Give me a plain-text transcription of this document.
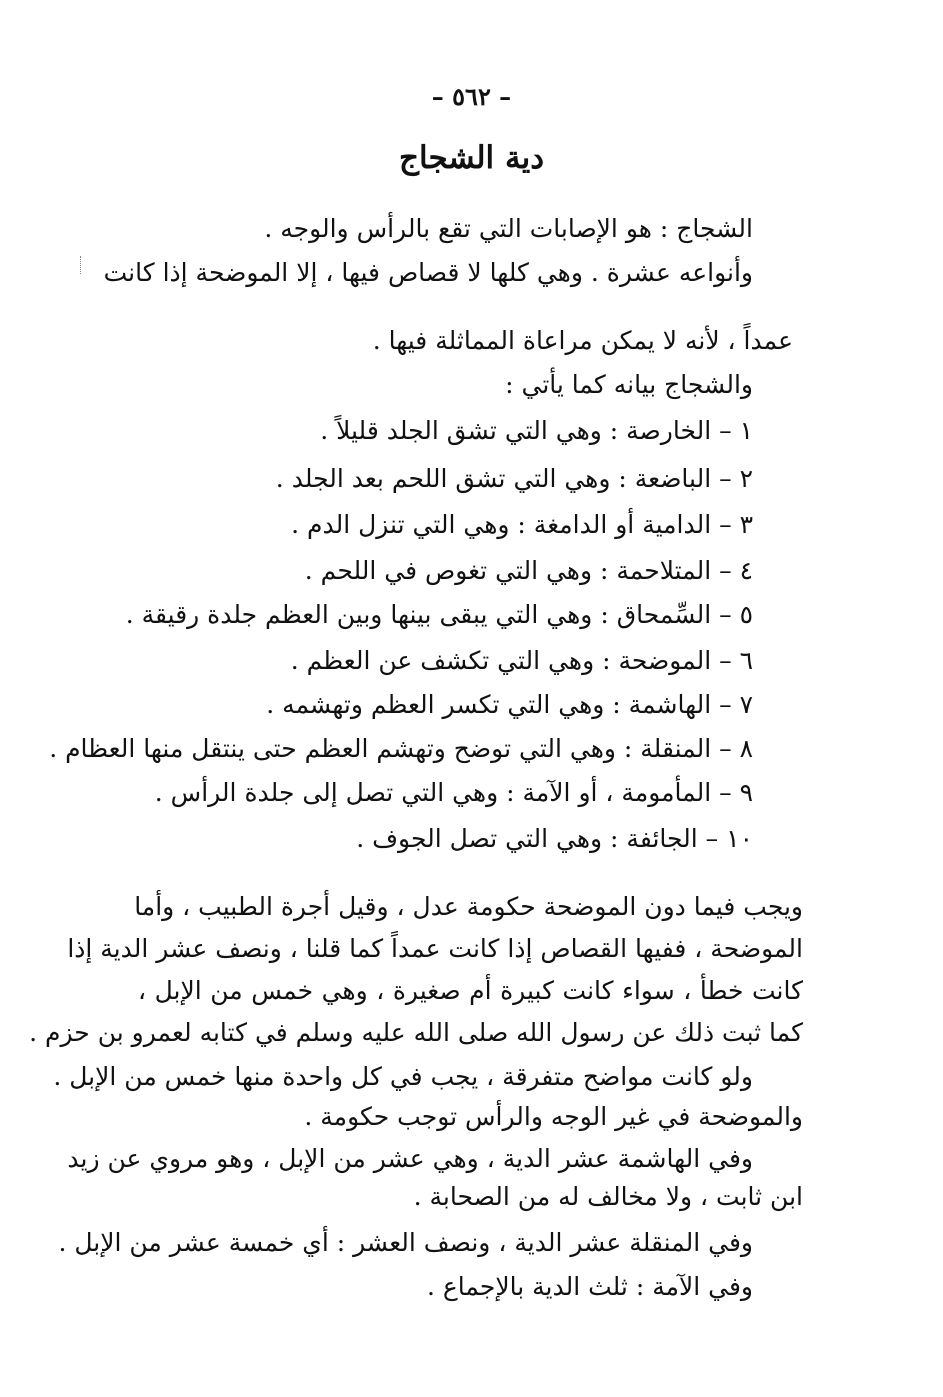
– ٥٦٢ –
دية الشجاج
الشجاج : هو الإصابات التي تقع بالرأس والوجه .
وأنواعه عشرة . وهي كلها لا قصاص فيها ، إلا الموضحة إذا كانت
عمداً ، لأنه لا يمكن مراعاة المماثلة فيها .
والشجاج بيانه كما يأتي :
١ – الخارصة : وهي التي تشق الجلد قليلاً .
٢ – الباضعة : وهي التي تشق اللحم بعد الجلد .
٣ – الدامية أو الدامغة : وهي التي تنزل الدم .
٤ – المتلاحمة : وهي التي تغوص في اللحم .
٥ – السِّمحاق : وهي التي يبقى بينها وبين العظم جلدة رقيقة .
٦ – الموضحة : وهي التي تكشف عن العظم .
٧ – الهاشمة : وهي التي تكسر العظم وتهشمه .
٨ – المنقلة : وهي التي توضح وتهشم العظم حتى ينتقل منها العظام .
٩ – المأمومة ، أو الآمة : وهي التي تصل إلى جلدة الرأس .
١٠ – الجائفة : وهي التي تصل الجوف .
ويجب فيما دون الموضحة حكومة عدل ، وقيل أجرة الطبيب ، وأما
الموضحة ، ففيها القصاص إذا كانت عمداً كما قلنا ، ونصف عشر الدية إذا
كانت خطأ ، سواء كانت كبيرة أم صغيرة ، وهي خمس من الإبل ،
كما ثبت ذلك عن رسول الله صلى الله عليه وسلم في كتابه لعمرو بن حزم .
ولو كانت مواضح متفرقة ، يجب في كل واحدة منها خمس من الإبل .
والموضحة في غير الوجه والرأس توجب حكومة .
وفي الهاشمة عشر الدية ، وهي عشر من الإبل ، وهو مروي عن زيد
ابن ثابت ، ولا مخالف له من الصحابة .
وفي المنقلة عشر الدية ، ونصف العشر : أي خمسة عشر من الإبل .
وفي الآمة : ثلث الدية بالإجماع .
